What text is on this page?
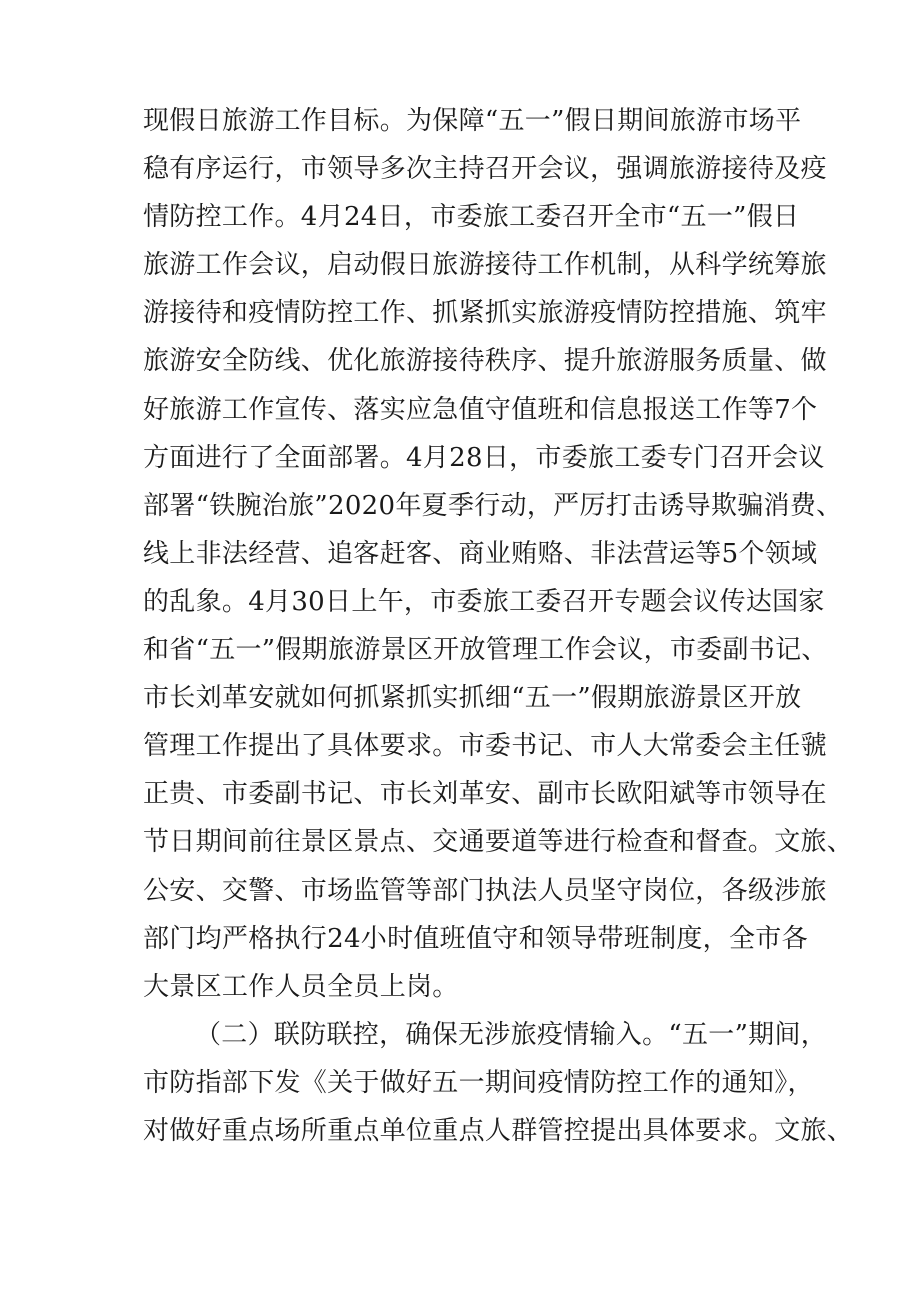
现假日旅游工作目标。为保障“五一”假日期间旅游市场平
稳有序运行，市领导多次主持召开会议，强调旅游接待及疫
情防控工作。4月24日，市委旅工委召开全市“五一”假日
旅游工作会议，启动假日旅游接待工作机制，从科学统筹旅
游接待和疫情防控工作、抓紧抓实旅游疫情防控措施、筑牢
旅游安全防线、优化旅游接待秩序、提升旅游服务质量、做
好旅游工作宣传、落实应急值守值班和信息报送工作等7个
方面进行了全面部署。4月28日，市委旅工委专门召开会议
部署“铁腕治旅”2020年夏季行动，严厉打击诱导欺骗消费、
线上非法经营、追客赶客、商业贿赂、非法营运等5个领域
的乱象。4月30日上午，市委旅工委召开专题会议传达国家
和省“五一”假期旅游景区开放管理工作会议，市委副书记、
市长刘革安就如何抓紧抓实抓细“五一”假期旅游景区开放
管理工作提出了具体要求。市委书记、市人大常委会主任虢
正贵、市委副书记、市长刘革安、副市长欧阳斌等市领导在
节日期间前往景区景点、交通要道等进行检查和督查。文旅、
公安、交警、市场监管等部门执法人员坚守岗位，各级涉旅
部门均严格执行24小时值班值守和领导带班制度，全市各
大景区工作人员全员上岗。
（二）联防联控，确保无涉旅疫情输入。“五一”期间，
市防指部下发《关于做好五一期间疫情防控工作的通知》，
对做好重点场所重点单位重点人群管控提出具体要求。文旅、
